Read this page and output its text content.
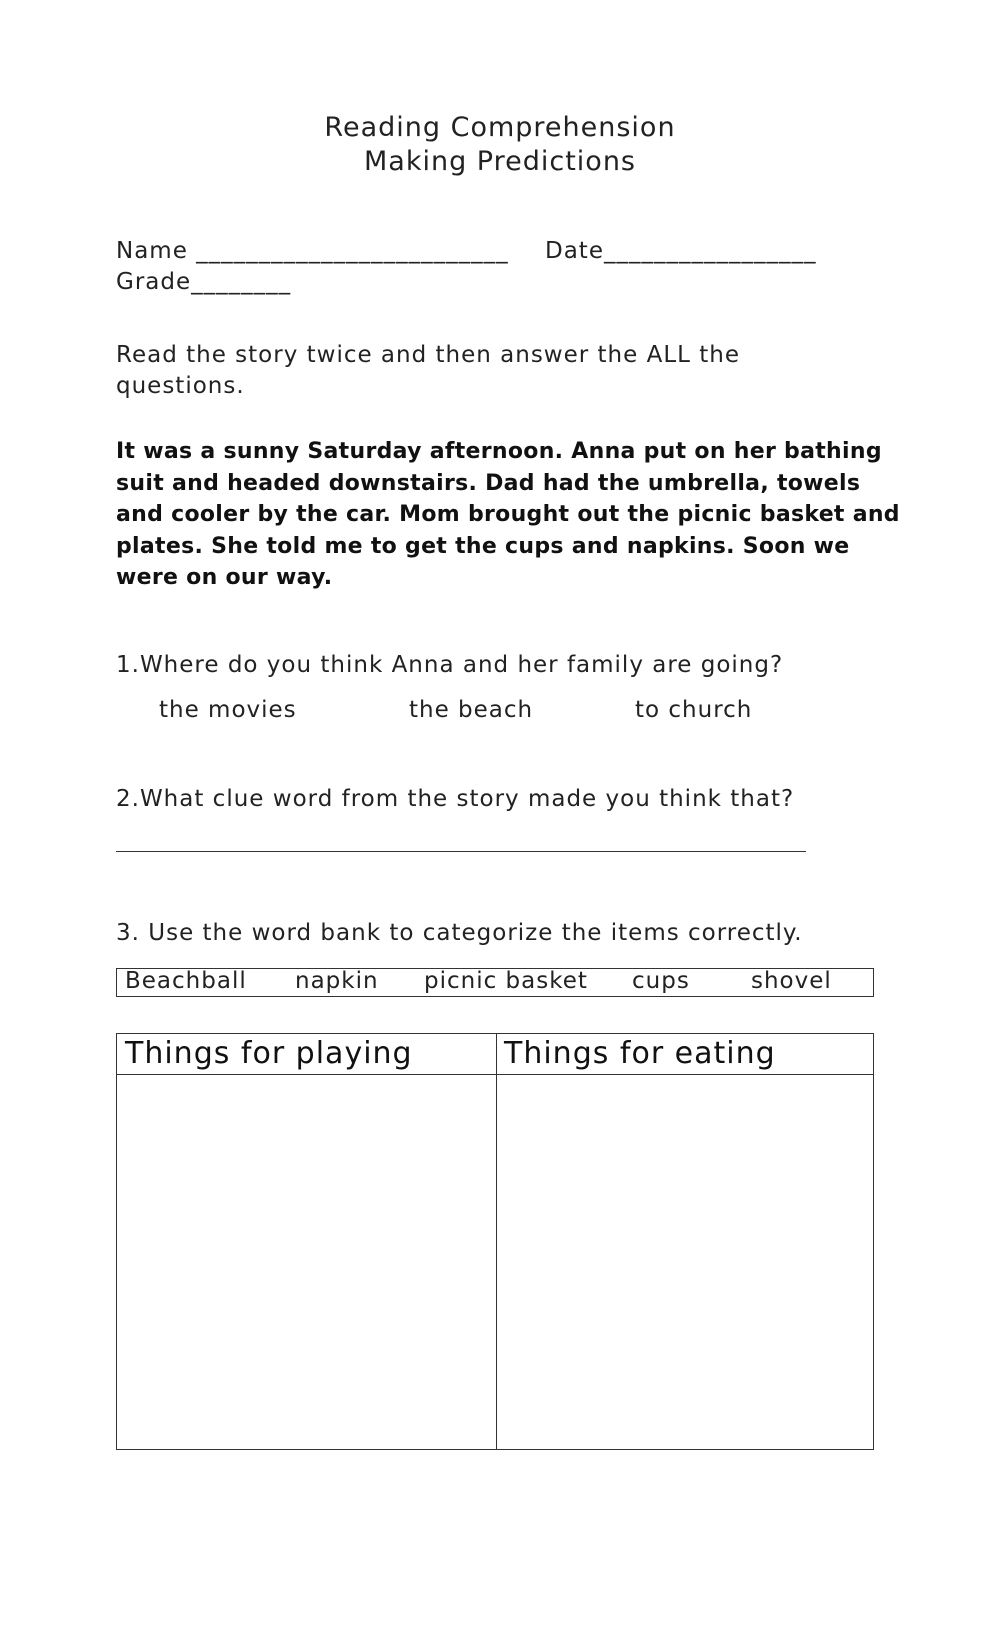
Reading Comprehension
Making Predictions
Name _________________________ Date_________________
Grade________
Read the story twice and then answer the ALL the questions.
It was a sunny Saturday afternoon. Anna put on her bathing suit and headed downstairs. Dad had the umbrella, towels and cooler by the car. Mom brought out the picnic basket and plates. She told me to get the cups and napkins. Soon we were on our way.
1.Where do you think Anna and her family are going?
the movies	the beach	to church
2.What clue word from the story made you think that?
3. Use the word bank to categorize the items correctly.
Beachball napkin picnic basket cups	shovel
Things for playing	Things for eating
